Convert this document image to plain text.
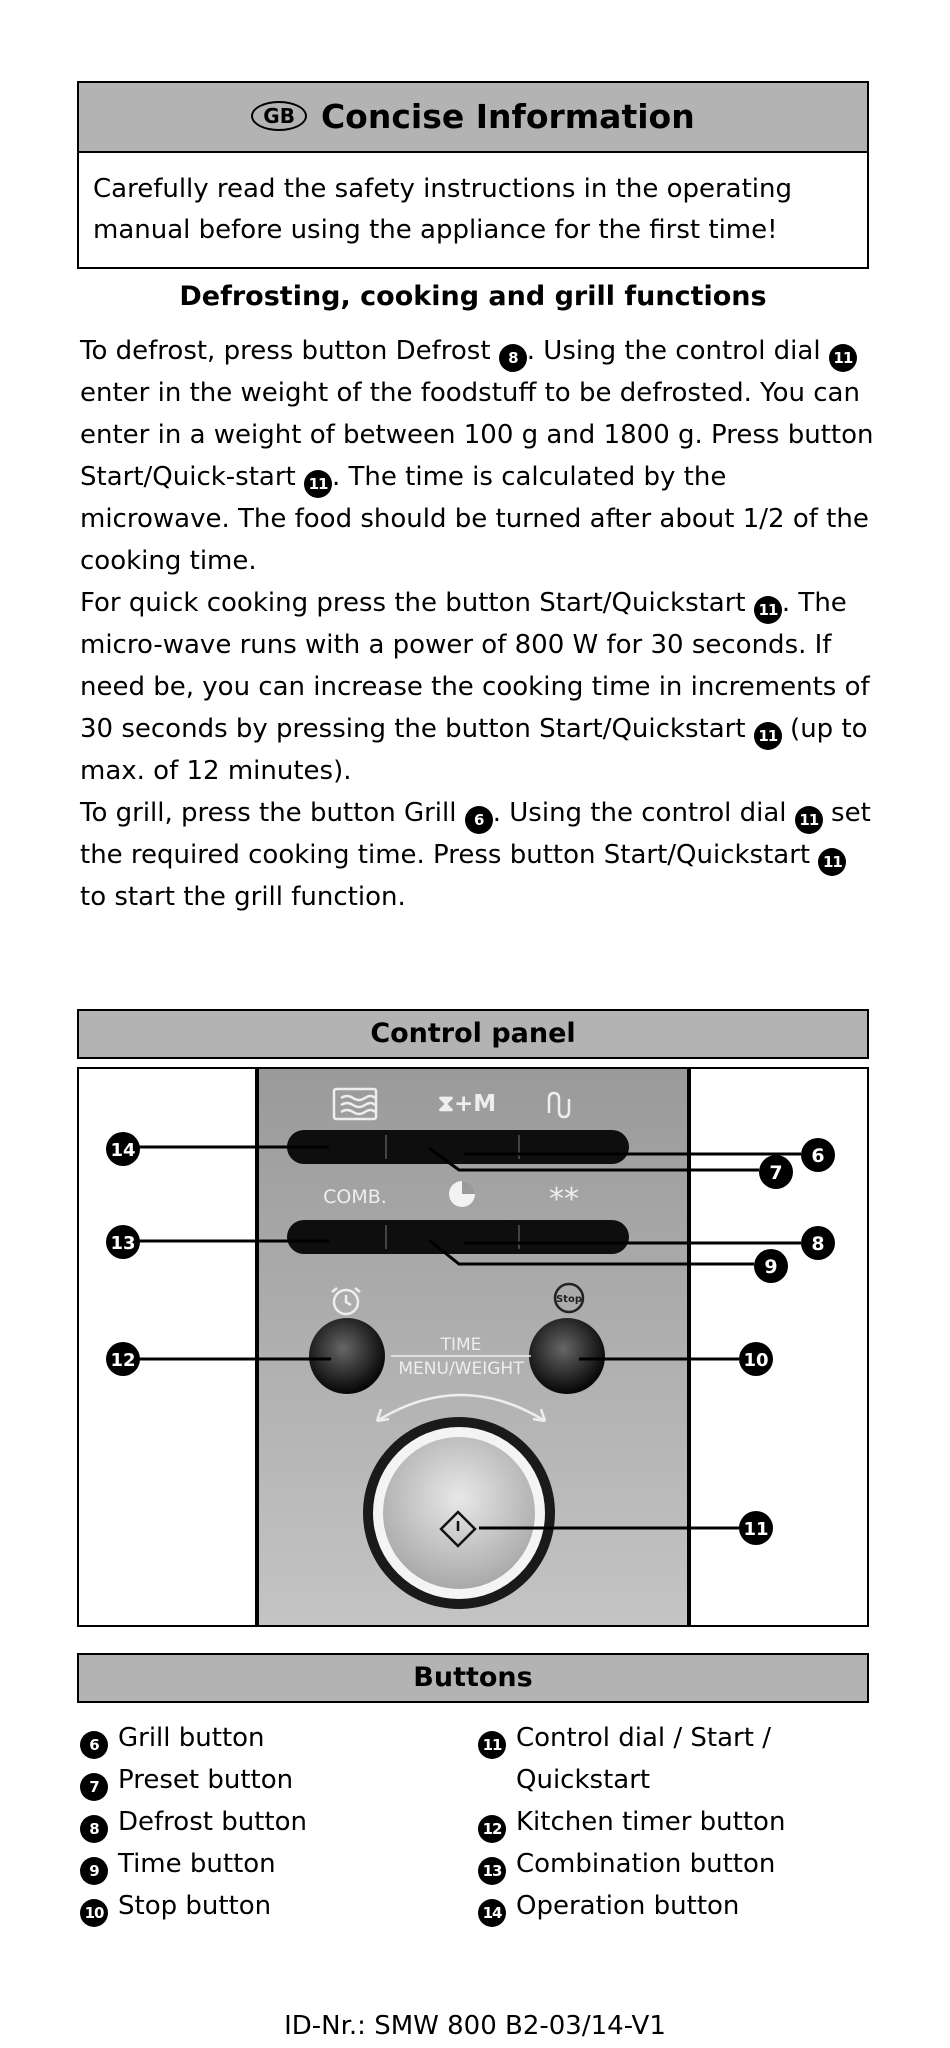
GB Concise Information
Carefully read the safety instructions in the operating manual before using the appliance for the first time!
Defrosting, cooking and grill functions

To defrost, press button Defrost 8 . Using the control dial 11 enter in the weight of the foodstuff to be defrosted. You can enter in a weight of between 100 g and 1800 g. Press button Start/Quick-start 11 . The time is calculated by the microwave. The food should be turned after about 1/2 of the cooking time.

For quick cooking press the button Start/Quickstart 11 . The micro-wave runs with a power of 800 W for 30 seconds. If need be, you can increase the cooking time in increments of 30 seconds by pressing the button Start/Quickstart 11 (up to max. of 12 minutes).

To grill, press the button Grill 6 . Using the control dial 11 set the required cooking time. Press button Start/Quickstart 11 to start the grill function.

Control panel
⧗+M
COMB.	**
Stop
TIME
MENU/WEIGHT
14	6
7
13	8
9
12	10
11
Buttons
6 Grill button
7 Preset button
8 Defrost button
9 Time button
10 Stop button
11 Control dial / Start /
Quickstart
12 Kitchen timer button
13 Combination button
14 Operation button
ID-Nr.: SMW 800 B2-03/14-V1
